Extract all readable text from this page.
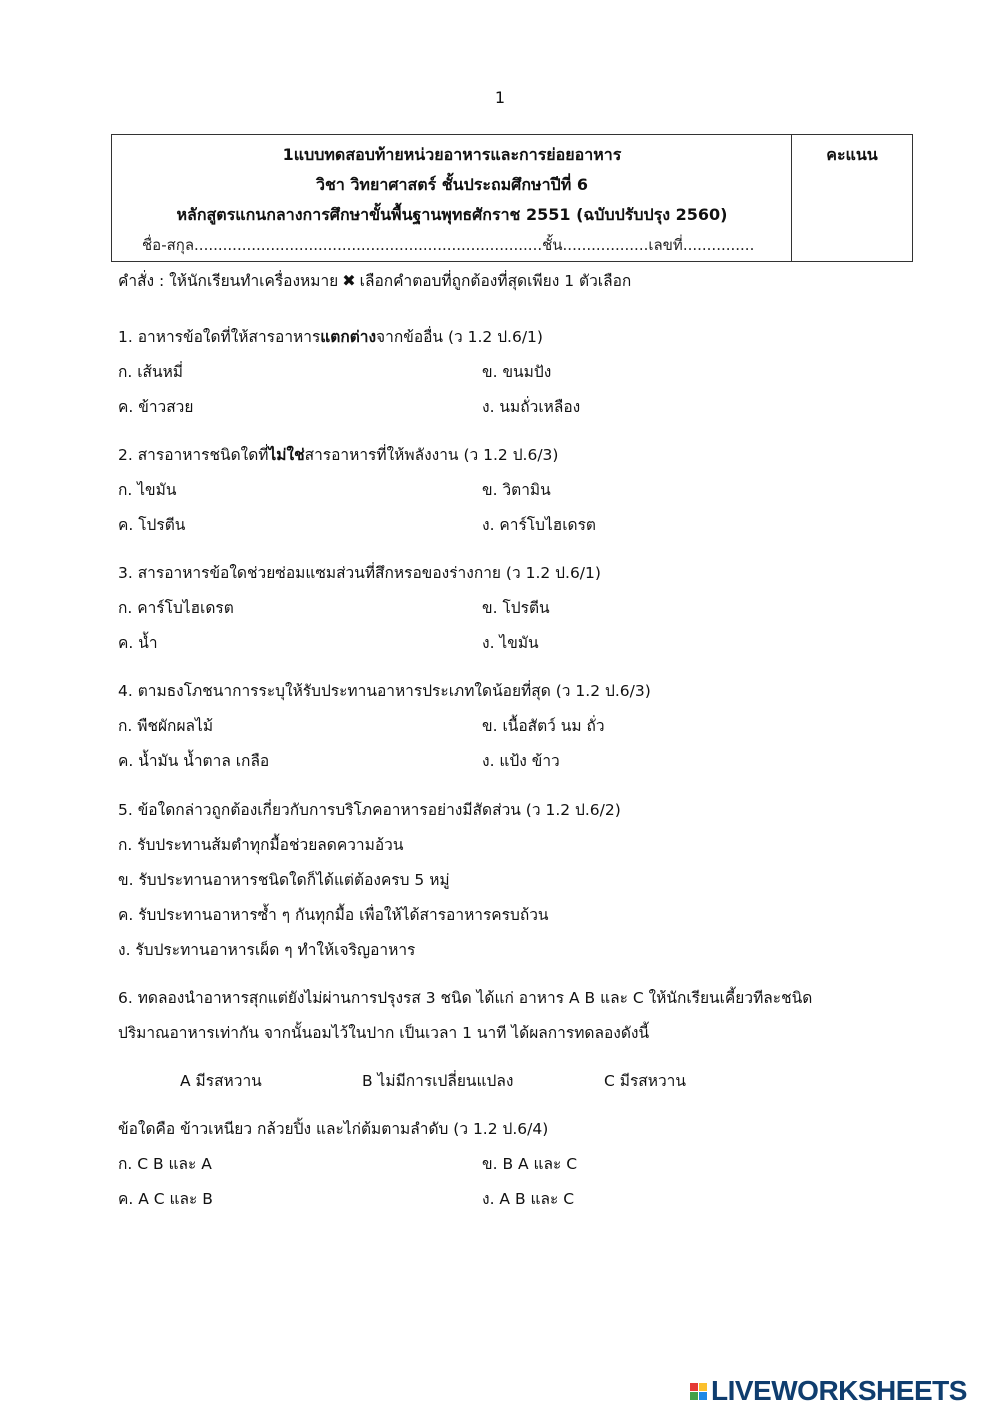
1
1แบบทดสอบท้ายหน่วยอาหารและการย่อยอาหาร
วิชา วิทยาศาสตร์ ชั้นประถมศึกษาปีที่ 6
หลักสูตรแกนกลางการศึกษาขั้นพื้นฐานพุทธศักราช 2551 (ฉบับปรับปรุง 2560)
ชื่อ-สกุล.........................................................................ชั้น..................เลขที่...............
คะแนน
คำสั่ง : ให้นักเรียนทำเครื่องหมาย ✖ เลือกคำตอบที่ถูกต้องที่สุดเพียง 1 ตัวเลือก
1. อาหารข้อใดที่ให้สารอาหารแตกต่างจากข้ออื่น (ว 1.2 ป.6/1)
ก. เส้นหมี่	ข. ขนมปัง
ค. ข้าวสวย	ง. นมถั่วเหลือง
2. สารอาหารชนิดใดที่ไม่ใช่สารอาหารที่ให้พลังงาน (ว 1.2 ป.6/3)
ก. ไขมัน	ข. วิตามิน
ค. โปรตีน	ง. คาร์โบไฮเดรต
3. สารอาหารข้อใดช่วยซ่อมแซมส่วนที่สึกหรอของร่างกาย (ว 1.2 ป.6/1)
ก. คาร์โบไฮเดรต	ข. โปรตีน
ค. น้ำ	ง. ไขมัน
4. ตามธงโภชนาการระบุให้รับประทานอาหารประเภทใดน้อยที่สุด (ว 1.2 ป.6/3)
ก. พืชผักผลไม้	ข. เนื้อสัตว์ นม ถั่ว
ค. น้ำมัน น้ำตาล เกลือ	ง. แป้ง ข้าว
5. ข้อใดกล่าวถูกต้องเกี่ยวกับการบริโภคอาหารอย่างมีสัดส่วน (ว 1.2 ป.6/2)
ก. รับประทานส้มตำทุกมื้อช่วยลดความอ้วน
ข. รับประทานอาหารชนิดใดก็ได้แต่ต้องครบ 5 หมู่
ค. รับประทานอาหารซ้ำ ๆ กันทุกมื้อ เพื่อให้ได้สารอาหารครบถ้วน
ง. รับประทานอาหารเผ็ด ๆ ทำให้เจริญอาหาร
6. ทดลองนำอาหารสุกแต่ยังไม่ผ่านการปรุงรส 3 ชนิด ได้แก่ อาหาร A B และ C ให้นักเรียนเคี้ยวทีละชนิด
ปริมาณอาหารเท่ากัน จากนั้นอมไว้ในปาก เป็นเวลา 1 นาที ได้ผลการทดลองดังนี้
A มีรสหวาน	B ไม่มีการเปลี่ยนแปลง	C มีรสหวาน
ข้อใดคือ ข้าวเหนียว กล้วยปิ้ง และไก่ต้มตามลำดับ (ว 1.2 ป.6/4)
ก. C B และ A	ข. B A และ C
ค. A C และ B	ง. A B และ C
LIVEWORKSHEETS
